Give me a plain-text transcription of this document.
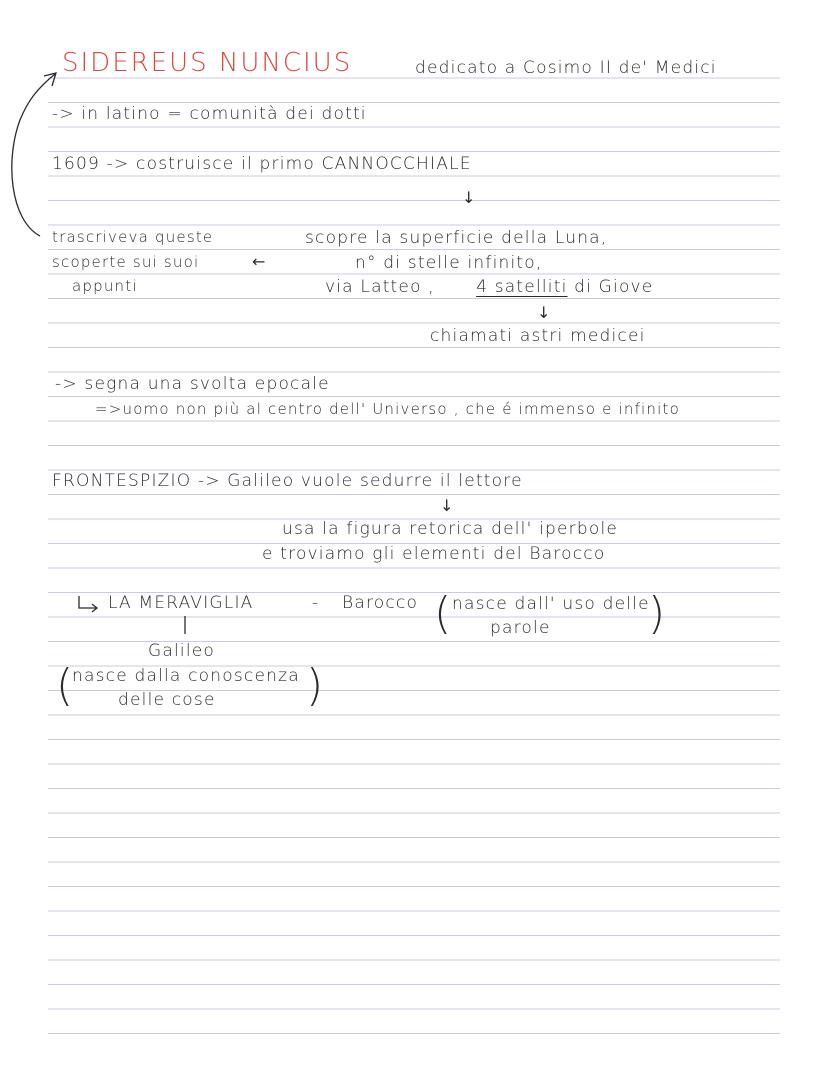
SIDEREUS NUNCIUS	dedicato a Cosimo II de' Medici
-> in latino = comunità dei dotti
1609 -> costruisce il primo CANNOCCHIALE
↓
trascriveva queste
scoperte sui suoi
appunti
←
scopre la superficie della Luna,
n° di stelle infinito,
via Latteo , 4 satelliti di Giove
↓
chiamati astri medicei
-> segna una svolta epocale
=>uomo non più al centro dell' Universo , che é immenso e infinito
FRONTESPIZIO -> Galileo vuole sedurre il lettore
↓
usa la figura retorica dell' iperbole
e troviamo gli elementi del Barocco
LA MERAVIGLIA	- Barocco ( nasce dall' uso delle
parole )
Galileo
(
nasce dalla conoscenza
delle cose )
